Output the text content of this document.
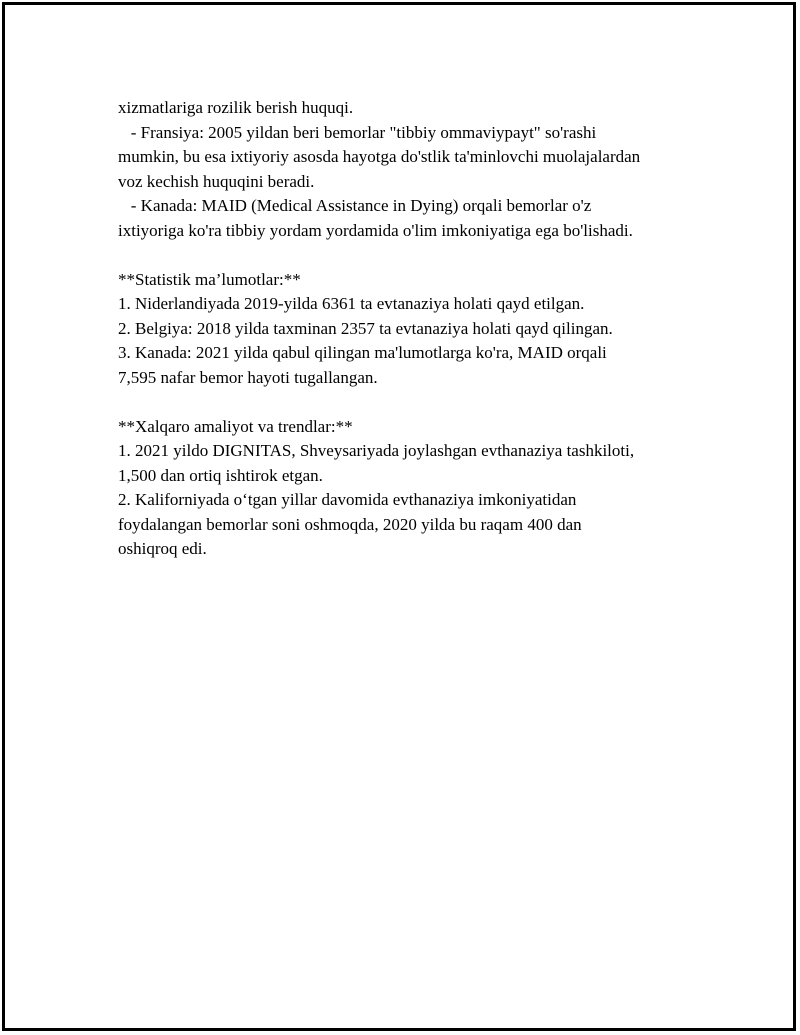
xizmatlariga rozilik berish huquqi.
- Fransiya: 2005 yildan beri bemorlar "tibbiy ommaviypayt" so'rashi
mumkin, bu esa ixtiyoriy asosda hayotga do'stlik ta'minlovchi muolajalardan
voz kechish huquqini beradi.
- Kanada: MAID (Medical Assistance in Dying) orqali bemorlar o'z
ixtiyoriga ko'ra tibbiy yordam yordamida o'lim imkoniyatiga ega bo'lishadi.
**Statistik ma’lumotlar:**
1. Niderlandiyada 2019-yilda 6361 ta evtanaziya holati qayd etilgan.
2. Belgiya: 2018 yilda taxminan 2357 ta evtanaziya holati qayd qilingan.
3. Kanada: 2021 yilda qabul qilingan ma'lumotlarga ko'ra, MAID orqali
7,595 nafar bemor hayoti tugallangan.
**Xalqaro amaliyot va trendlar:**
1. 2021 yildo DIGNITAS, Shveysariyada joylashgan evthanaziya tashkiloti,
1,500 dan ortiq ishtirok etgan.
2. Kaliforniyada o‘tgan yillar davomida evthanaziya imkoniyatidan
foydalangan bemorlar soni oshmoqda, 2020 yilda bu raqam 400 dan
oshiqroq edi.
